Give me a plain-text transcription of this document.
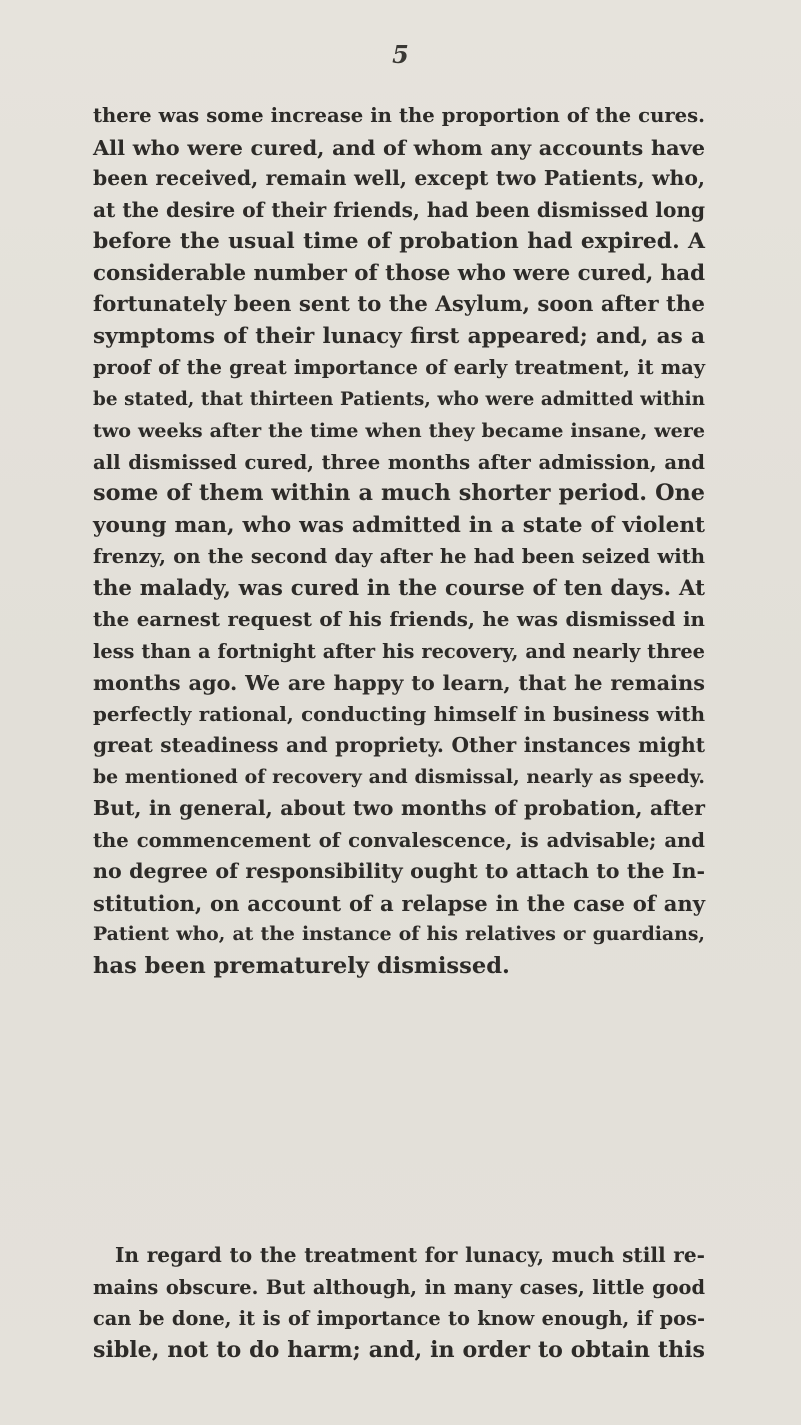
5
there was some increase in the proportion of the cures.
All who were cured, and of whom any accounts have
been received, remain well, except two Patients, who,
at the desire of their friends, had been dismissed long
before the usual time of probation had expired. A
considerable number of those who were cured, had
fortunately been sent to the Asylum, soon after the
symptoms of their lunacy first appeared; and, as a
proof of the great importance of early treatment, it may
be stated, that thirteen Patients, who were admitted within
two weeks after the time when they became insane, were
all dismissed cured, three months after admission, and
some of them within a much shorter period. One
young man, who was admitted in a state of violent
frenzy, on the second day after he had been seized with
the malady, was cured in the course of ten days. At
the earnest request of his friends, he was dismissed in
less than a fortnight after his recovery, and nearly three
months ago. We are happy to learn, that he remains
perfectly rational, conducting himself in business with
great steadiness and propriety. Other instances might
be mentioned of recovery and dismissal, nearly as speedy.
But, in general, about two months of probation, after
the commencement of convalescence, is advisable; and
no degree of responsibility ought to attach to the In-
stitution, on account of a relapse in the case of any
Patient who, at the instance of his relatives or guardians,
has been prematurely dismissed.
In regard to the treatment for lunacy, much still re-
mains obscure. But although, in many cases, little good
can be done, it is of importance to know enough, if pos-
sible, not to do harm; and, in order to obtain this
